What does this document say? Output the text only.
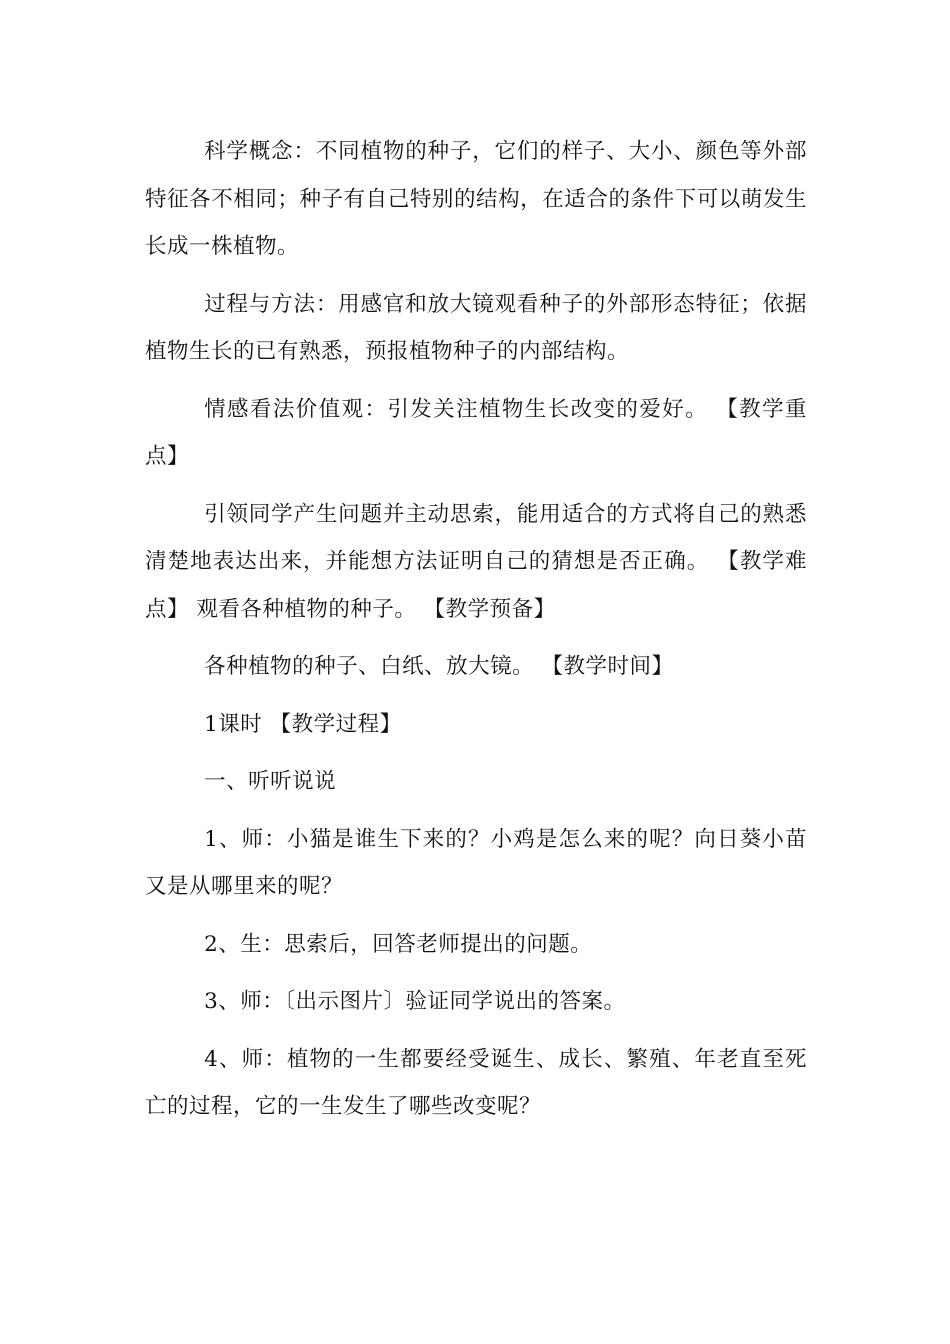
科学概念：不同植物的种子，它们的样子、大小、颜色等外部特征各不相同；种子有自己特别的结构，在适合的条件下可以萌发生长成一株植物。

过程与方法：用感官和放大镜观看种子的外部形态特征；依据植物生长的已有熟悉，预报植物种子的内部结构。

情感看法价值观：引发关注植物生长改变的爱好。 【教学重点】

引领同学产生问题并主动思索，能用适合的方式将自己的熟悉清楚地表达出来，并能想方法证明自己的猜想是否正确。 【教学难点】 观看各种植物的种子。 【教学预备】

各种植物的种子、白纸、放大镜。 【教学时间】

1课时 【教学过程】

一、听听说说

1、师：小猫是谁生下来的？小鸡是怎么来的呢？向日葵小苗又是从哪里来的呢？

2、生：思索后，回答老师提出的问题。

3、师：〔出示图片〕验证同学说出的答案。

4、师：植物的一生都要经受诞生、成长、繁殖、年老直至死亡的过程，它的一生发生了哪些改变呢？
